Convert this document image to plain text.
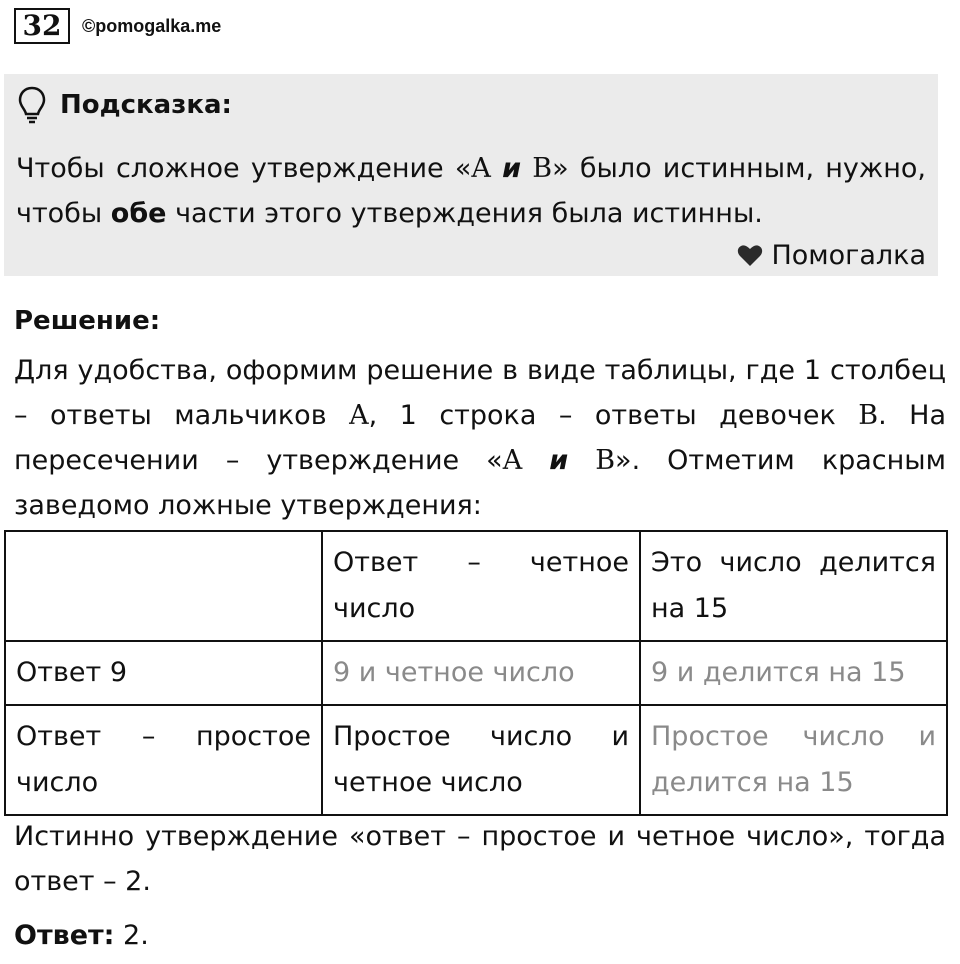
32	©pomogalka.me
Подсказка:
Чтобы сложное утверждение «A и B» было истинным, нужно, чтобы обе части этого утверждения была истинны.
Помогалка
Решение:
Для удобства, оформим решение в виде таблицы, где 1 столбец – ответы мальчиков A, 1 строка – ответы девочек B. На пересечении – утверждение «A и B». Отметим красным заведомо ложные утверждения:
	Ответ – четное число	Это число делится на 15
Ответ 9	9 и четное число	9 и делится на 15
Ответ – простое число	Простое число и четное число	Простое число и делится на 15
Истинно утверждение «ответ – простое и четное число», тогда ответ – 2.
Ответ: 2.
